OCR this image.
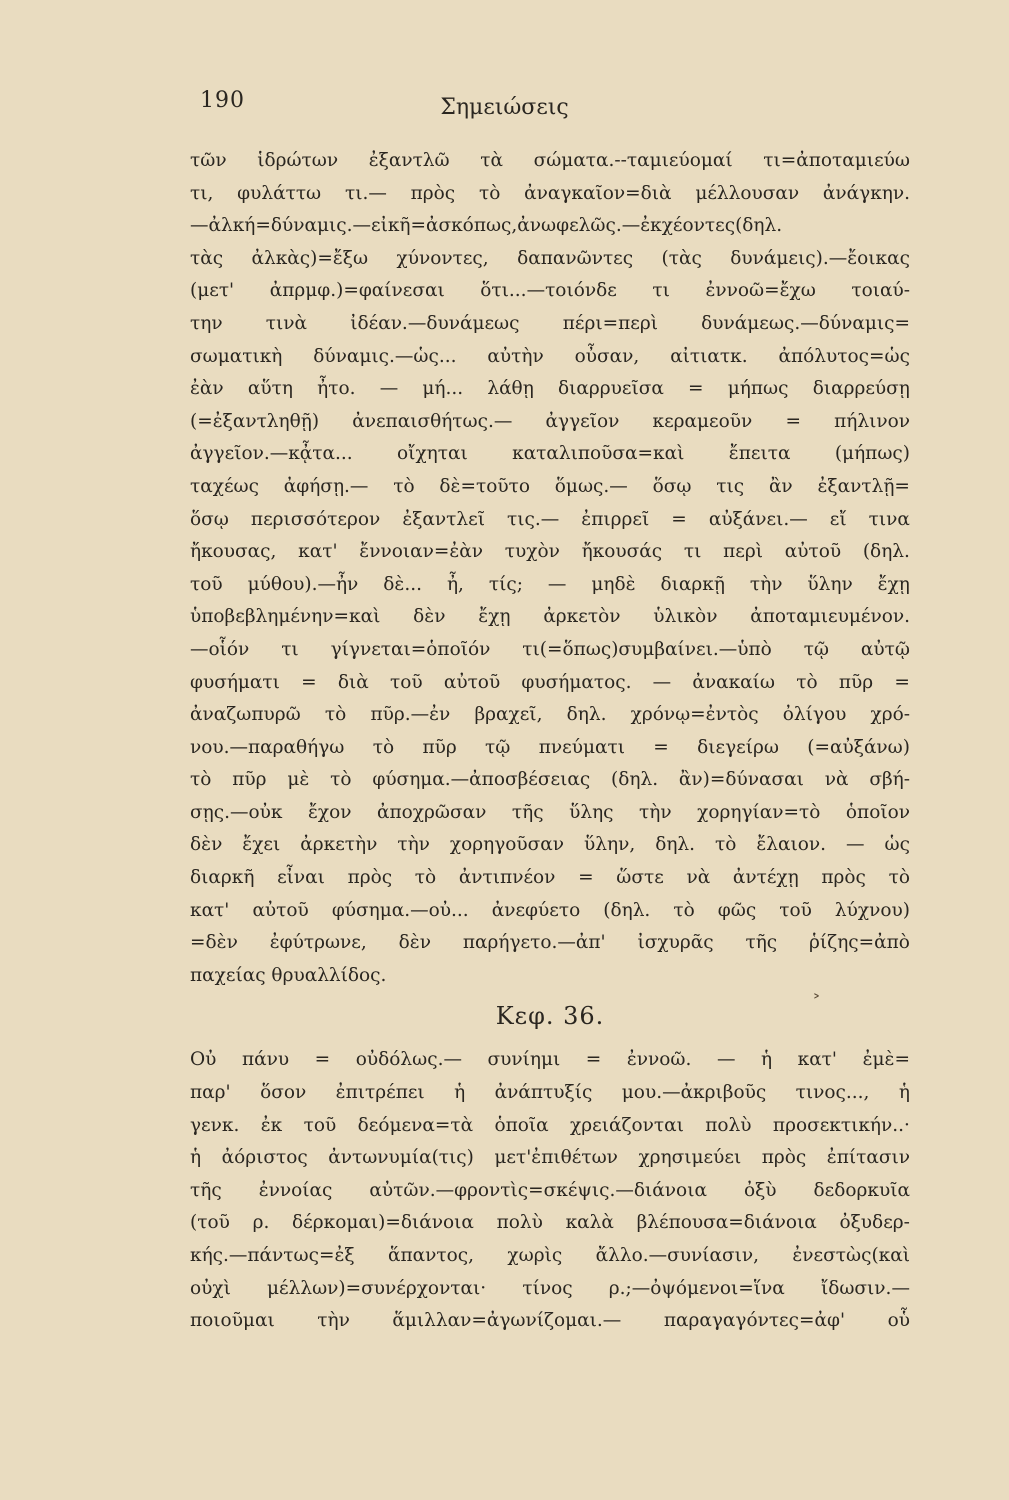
190	Σημειώσεις
τῶν ἱδρώτων ἐξαντλῶ τὰ σώματα.--ταμιεύομαί τι=ἀποταμιεύω
τι, φυλάττω τι.— πρὸς τὸ ἀναγκαῖον=διὰ μέλλουσαν ἀνάγκην.
—ἀλκή=δύναμις.—εἰκῆ=ἀσκόπως,ἀνωφελῶς.—ἐκχέοντες(δηλ.
τὰς ἀλκὰς)=ἔξω χύνοντες, δαπανῶντες (τὰς δυνάμεις).—ἔοικας
(μετ' ἀπρμφ.)=φαίνεσαι ὅτι...—τοιόνδε τι ἐννοῶ=ἔχω τοιαύ-
την τινὰ ἰδέαν.—δυνάμεως πέρι=περὶ δυνάμεως.—δύναμις=
σωματικὴ δύναμις.—ὡς... αὐτὴν οὖσαν, αἰτιατκ. ἀπόλυτος=ὡς
ἐὰν αὕτη ἦτο. — μή... λάθῃ διαρρυεῖσα = μήπως διαρρεύσῃ
(=ἐξαντληθῇ) ἀνεπαισθήτως.— ἀγγεῖον κεραμεοῦν = πήλινον
ἀγγεῖον.—κᾆτα... οἴχηται καταλιποῦσα=καὶ ἔπειτα (μήπως)
ταχέως ἀφήσῃ.— τὸ δὲ=τοῦτο ὅμως.— ὅσῳ τις ἂν ἐξαντλῇ=
ὅσῳ περισσότερον ἐξαντλεῖ τις.— ἐπιρρεῖ = αὐξάνει.— εἴ τινα
ἤκουσας, κατ' ἔννοιαν=ἐὰν τυχὸν ἤκουσάς τι περὶ αὐτοῦ (δηλ.
τοῦ μύθου).—ἦν δὲ... ἦ, τίς; — μηδὲ διαρκῇ τὴν ὕλην ἔχῃ
ὑποβεβλημένην=καὶ δὲν ἔχῃ ἀρκετὸν ὑλικὸν ἀποταμιευμένον.
—οἷόν τι γίγνεται=ὁποῖόν τι(=ὅπως)συμβαίνει.—ὑπὸ τῷ αὐτῷ
φυσήματι = διὰ τοῦ αὐτοῦ φυσήματος. — ἀνακαίω τὸ πῦρ =
ἀναζωπυρῶ τὸ πῦρ.—ἐν βραχεῖ, δηλ. χρόνῳ=ἐντὸς ὀλίγου χρό-
νου.—παραθήγω τὸ πῦρ τῷ πνεύματι = διεγείρω (=αὐξάνω)
τὸ πῦρ μὲ τὸ φύσημα.—ἀποσβέσειας (δηλ. ἂν)=δύνασαι νὰ σβή-
σῃς.—οὐκ ἔχον ἀποχρῶσαν τῆς ὕλης τὴν χορηγίαν=τὸ ὁποῖον
δὲν ἔχει ἀρκετὴν τὴν χορηγοῦσαν ὕλην, δηλ. τὸ ἔλαιον. — ὡς
διαρκῆ εἶναι πρὸς τὸ ἀντιπνέον = ὥστε νὰ ἀντέχῃ πρὸς τὸ
κατ' αὐτοῦ φύσημα.—οὐ... ἀνεφύετο (δηλ. τὸ φῶς τοῦ λύχνου)
=δὲν ἐφύτρωνε, δὲν παρήγετο.—ἀπ' ἰσχυρᾶς τῆς ῥίζης=ἀπὸ
παχείας θρυαλλίδος.
Κεφ. 36.
Οὐ πάνυ = οὐδόλως.— συνίημι = ἐννοῶ. — ἡ κατ' ἐμὲ=
παρ' ὅσον ἐπιτρέπει ἡ ἀνάπτυξίς μου.—ἀκριβοῦς τινος..., ἡ
γενκ. ἐκ τοῦ δεόμενα=τὰ ὁποῖα χρειάζονται πολὺ προσεκτικήν..·
ἡ ἀόριστος ἀντωνυμία(τις) μετ'ἐπιθέτων χρησιμεύει πρὸς ἐπίτασιν
τῆς ἐννοίας αὐτῶν.—φροντὶς=σκέψις.—διάνοια ὀξὺ δεδορκυῖα
(τοῦ ρ. δέρκομαι)=διάνοια πολὺ καλὰ βλέπουσα=διάνοια ὀξυδερ-
κής.—πάντως=ἐξ ἅπαντος, χωρὶς ἄλλο.—συνίασιν, ἐνεστὼς(καὶ
οὐχὶ μέλλων)=συνέρχονται· τίνος ρ.;—ὀψόμενοι=ἵνα ἴδωσιν.—
ποιοῦμαι τὴν ἅμιλλαν=ἀγωνίζομαι.— παραγαγόντες=ἀφ' οὗ
˃
